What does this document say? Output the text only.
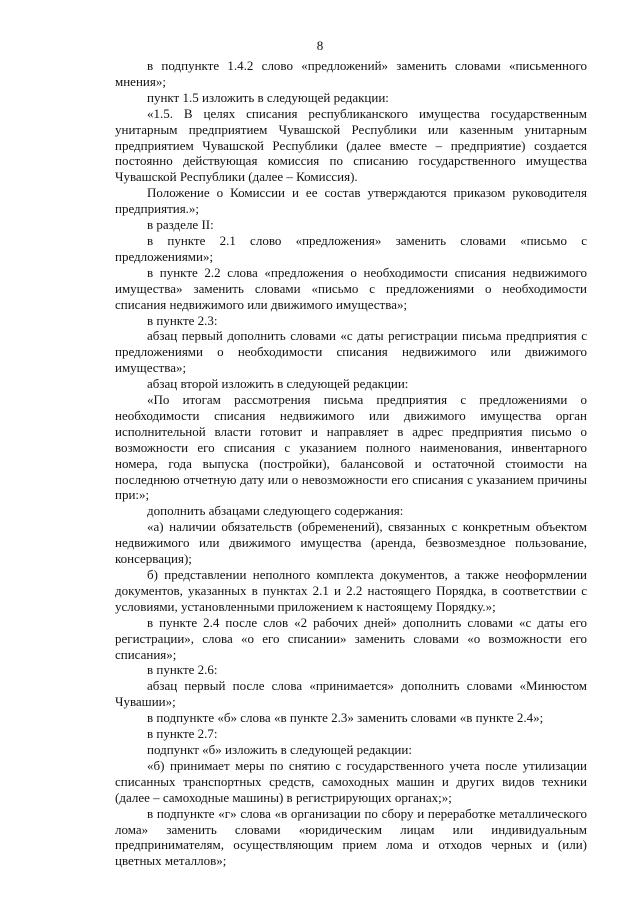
8

в подпункте 1.4.2 слово «предложений» заменить словами «письменного мнения»;

пункт 1.5 изложить в следующей редакции:

«1.5. В целях списания республиканского имущества государственным унитарным предприятием Чувашской Республики или казенным унитарным предприятием Чувашской Республики (далее вместе – предприятие) создается постоянно действующая комиссия по списанию государственного имущества Чувашской Республики (далее – Комиссия).

Положение о Комиссии и ее состав утверждаются приказом руководителя предприятия.»;

в разделе II:

в пункте 2.1 слово «предложения» заменить словами «письмо с предложениями»;

в пункте 2.2 слова «предложения о необходимости списания недвижимого имущества» заменить словами «письмо с предложениями о необходимости списания недвижимого или движимого имущества»;

в пункте 2.3:

абзац первый дополнить словами «с даты регистрации письма предприятия с предложениями о необходимости списания недвижимого или движимого имущества»;

абзац второй изложить в следующей редакции:

«По итогам рассмотрения письма предприятия с предложениями о необходимости списания недвижимого или движимого имущества орган исполнительной власти готовит и направляет в адрес предприятия письмо о возможности его списания с указанием полного наименования, инвентарного номера, года выпуска (постройки), балансовой и остаточной стоимости на последнюю отчетную дату или о невозможности его списания с указанием причины при:»;

дополнить абзацами следующего содержания:

«а) наличии обязательств (обременений), связанных с конкретным объектом недвижимого или движимого имущества (аренда, безвозмездное пользование, консервация);

б) представлении неполного комплекта документов, а также неоформлении документов, указанных в пунктах 2.1 и 2.2 настоящего Порядка, в соответствии с условиями, установленными приложением к настоящему Порядку.»;

в пункте 2.4 после слов «2 рабочих дней» дополнить словами «с даты его регистрации», слова «о его списании» заменить словами «о возможности его списания»;

в пункте 2.6:

абзац первый после слова «принимается» дополнить словами «Минюстом Чувашии»;

в подпункте «б» слова «в пункте 2.3» заменить словами «в пункте 2.4»;

в пункте 2.7:

подпункт «б» изложить в следующей редакции:

«б) принимает меры по снятию с государственного учета после утилизации списанных транспортных средств, самоходных машин и других видов техники (далее – самоходные машины) в регистрирующих органах;»;

в подпункте «г» слова «в организации по сбору и переработке металлического лома» заменить словами «юридическим лицам или индивидуальным предпринимателям, осуществляющим прием лома и отходов черных и (или) цветных металлов»;
